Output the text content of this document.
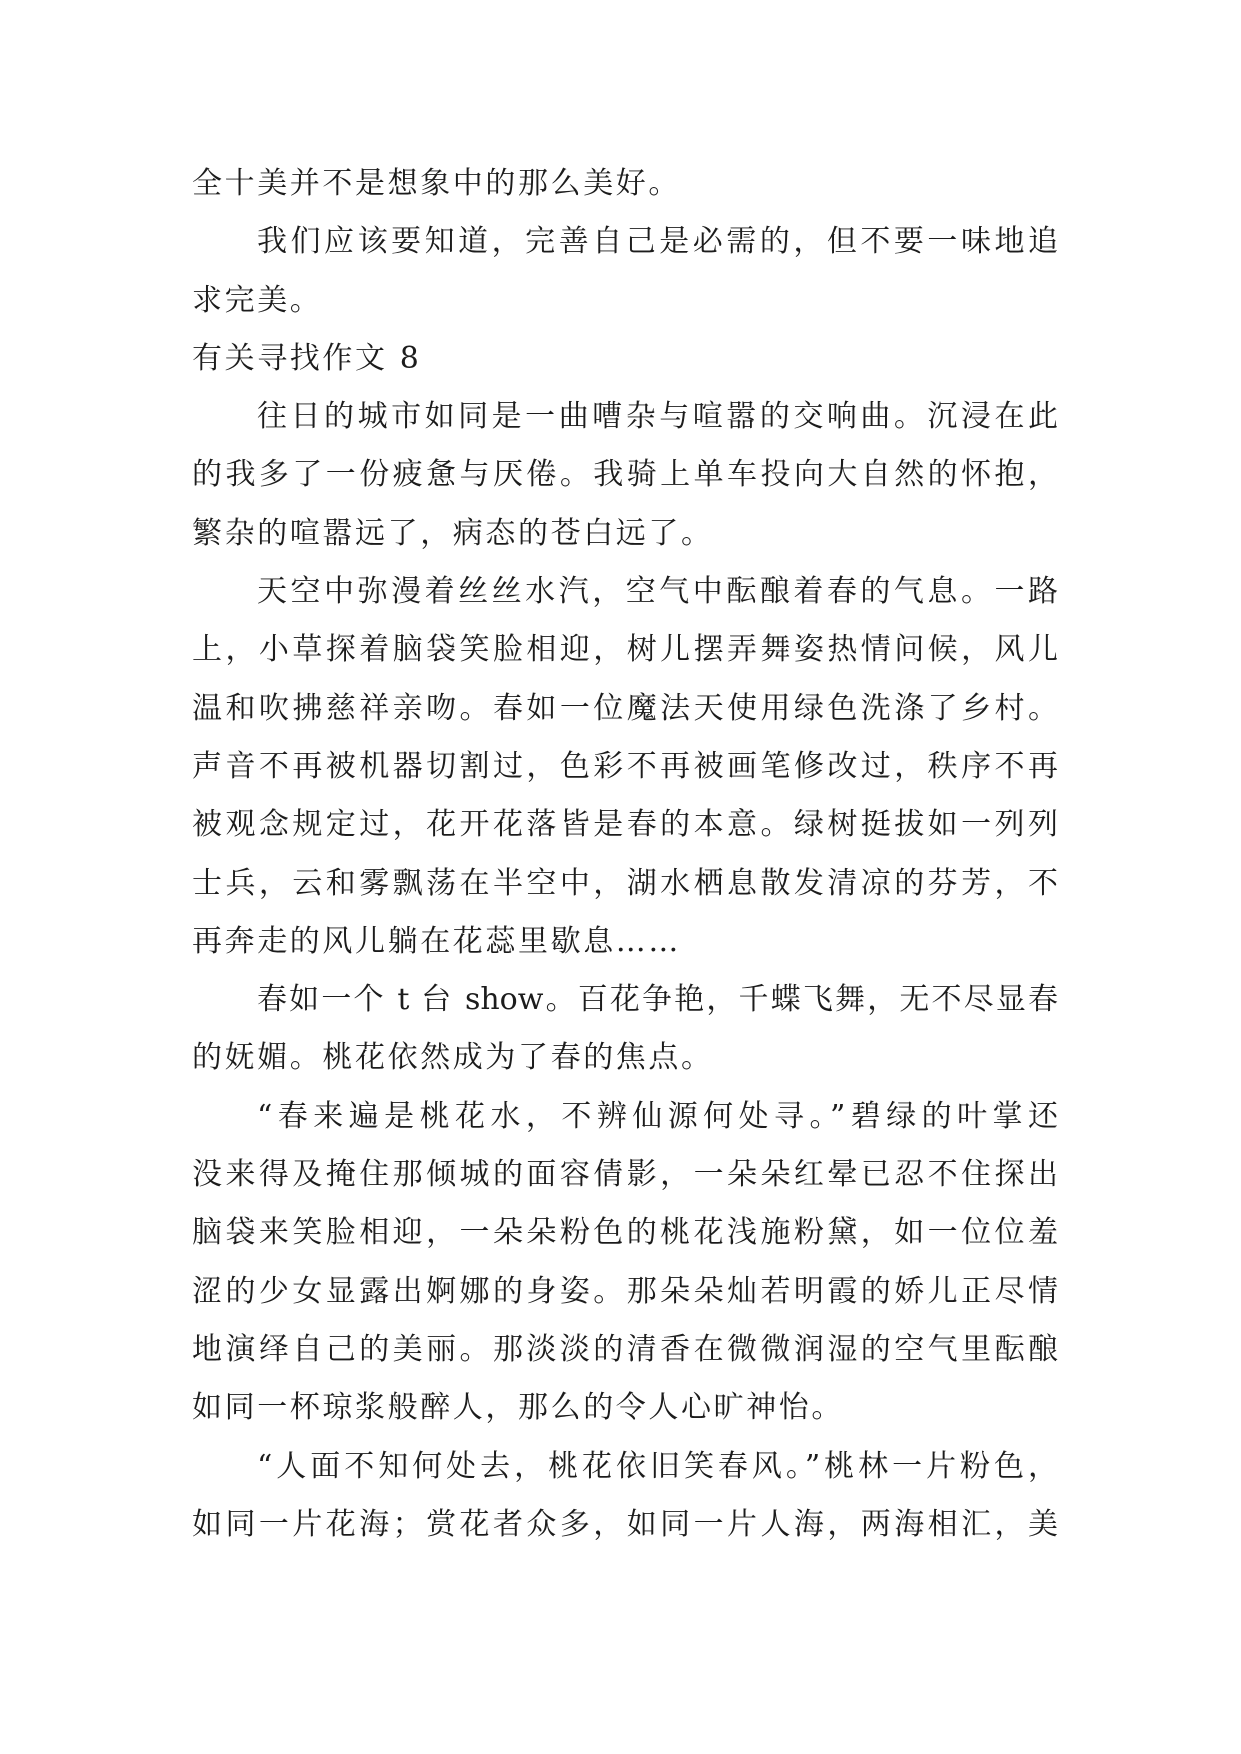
全十美并不是想象中的那么美好。
我们应该要知道，完善自己是必需的，但不要一味地追
求完美。
有关寻找作文 8
往日的城市如同是一曲嘈杂与喧嚣的交响曲。沉浸在此
的我多了一份疲惫与厌倦。我骑上单车投向大自然的怀抱，
繁杂的喧嚣远了，病态的苍白远了。
天空中弥漫着丝丝水汽，空气中酝酿着春的气息。一路
上，小草探着脑袋笑脸相迎，树儿摆弄舞姿热情问候，风儿
温和吹拂慈祥亲吻。春如一位魔法天使用绿色洗涤了乡村。
声音不再被机器切割过，色彩不再被画笔修改过，秩序不再
被观念规定过，花开花落皆是春的本意。绿树挺拔如一列列
士兵，云和雾飘荡在半空中，湖水栖息散发清凉的芬芳，不
再奔走的风儿躺在花蕊里歇息……
春如一个 t 台 show。百花争艳，千蝶飞舞，无不尽显春
的妩媚。桃花依然成为了春的焦点。
“春来遍是桃花水，不辨仙源何处寻。”碧绿的叶掌还
没来得及掩住那倾城的面容倩影，一朵朵红晕已忍不住探出
脑袋来笑脸相迎，一朵朵粉色的桃花浅施粉黛，如一位位羞
涩的少女显露出婀娜的身姿。那朵朵灿若明霞的娇儿正尽情
地演绎自己的美丽。那淡淡的清香在微微润湿的空气里酝酿
如同一杯琼浆般醉人，那么的令人心旷神怡。
“人面不知何处去，桃花依旧笑春风。”桃林一片粉色，
如同一片花海；赏花者众多，如同一片人海，两海相汇，美
